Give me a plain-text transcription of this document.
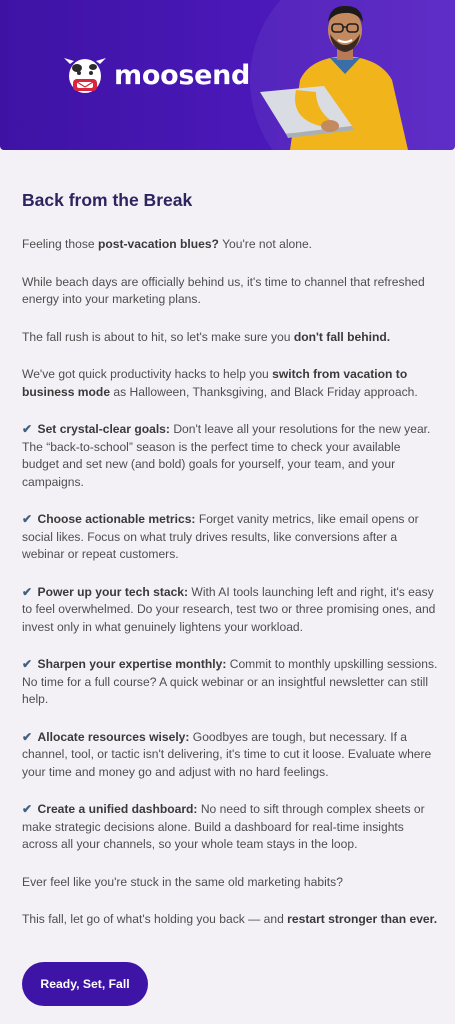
moosend
Back from the Break

Feeling those post-vacation blues? You're not alone.

While beach days are officially behind us, it's time to channel that refreshed energy into your marketing plans.

The fall rush is about to hit, so let's make sure you don't fall behind.

We've got quick productivity hacks to help you switch from vacation to business mode as Halloween, Thanksgiving, and Black Friday approach.

✔ Set crystal-clear goals: Don't leave all your resolutions for the new year. The “back-to-school” season is the perfect time to check your available budget and set new (and bold) goals for yourself, your team, and your campaigns.

✔ Choose actionable metrics: Forget vanity metrics, like email opens or social likes. Focus on what truly drives results, like conversions after a webinar or repeat customers.

✔ Power up your tech stack: With AI tools launching left and right, it's easy to feel overwhelmed. Do your research, test two or three promising ones, and invest only in what genuinely lightens your workload.

✔ Sharpen your expertise monthly: Commit to monthly upskilling sessions. No time for a full course? A quick webinar or an insightful newsletter can still help.

✔ Allocate resources wisely: Goodbyes are tough, but necessary. If a channel, tool, or tactic isn't delivering, it's time to cut it loose. Evaluate where your time and money go and adjust with no hard feelings.

✔ Create a unified dashboard: No need to sift through complex sheets or make strategic decisions alone. Build a dashboard for real-time insights across all your channels, so your whole team stays in the loop.

Ever feel like you're stuck in the same old marketing habits?

This fall, let go of what's holding you back — and restart stronger than ever.

Ready, Set, Fall
